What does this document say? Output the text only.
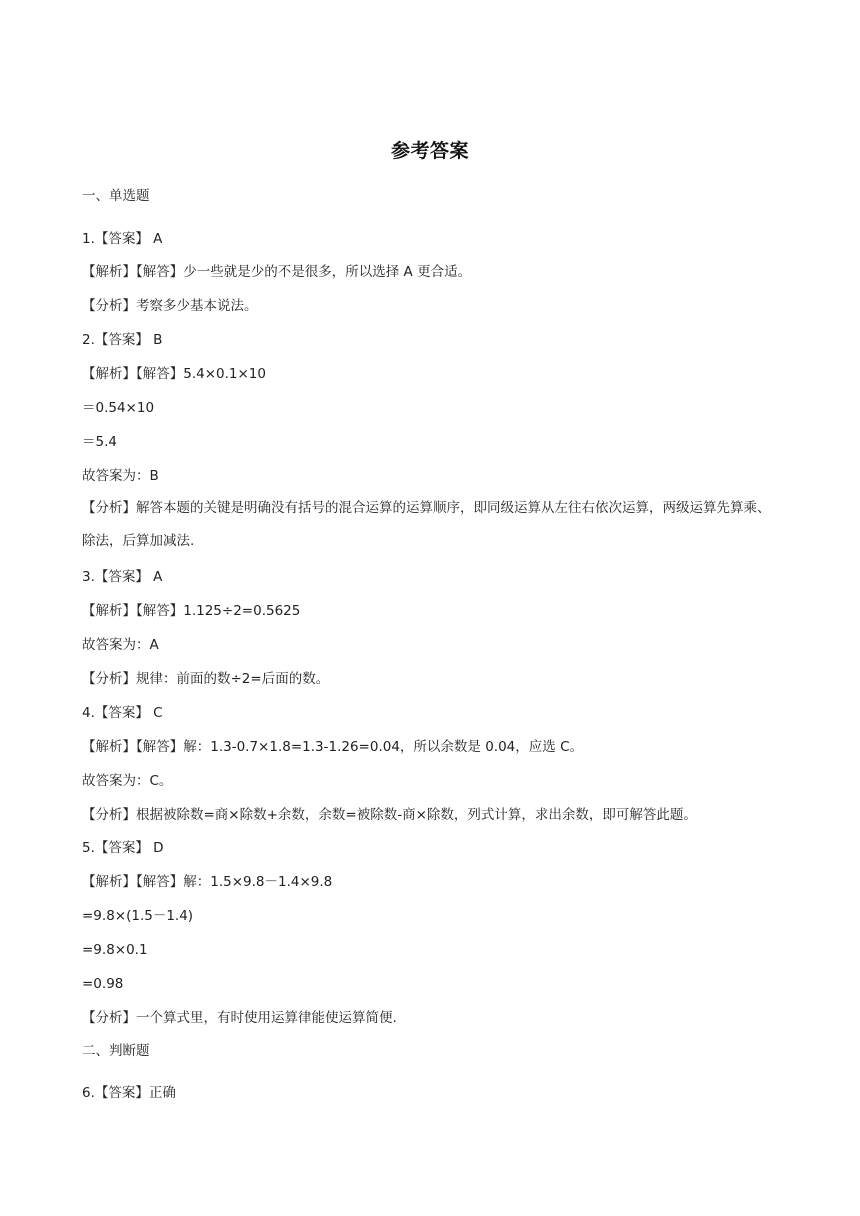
参考答案
一、单选题
1.【答案】 A
【解析】【解答】少一些就是少的不是很多，所以选择 A 更合适。
【分析】考察多少基本说法。
2.【答案】 B
【解析】【解答】5.4×0.1×10
＝0.54×10
＝5.4
故答案为：B
【分析】解答本题的关键是明确没有括号的混合运算的运算顺序，即同级运算从左往右依次运算，两级运算先算乘、除法，后算加减法.
3.【答案】 A
【解析】【解答】1.125÷2=0.5625
故答案为：A
【分析】规律：前面的数÷2=后面的数。
4.【答案】 C
【解析】【解答】解：1.3-0.7×1.8=1.3-1.26=0.04，所以余数是 0.04，应选 C。
故答案为：C。
【分析】根据被除数=商×除数+余数，余数=被除数-商×除数，列式计算，求出余数，即可解答此题。
5.【答案】 D
【解析】【解答】解：1.5×9.8－1.4×9.8
=9.8×(1.5－1.4)
=9.8×0.1
=0.98
【分析】一个算式里，有时使用运算律能使运算简便.
二、判断题
6.【答案】正确
